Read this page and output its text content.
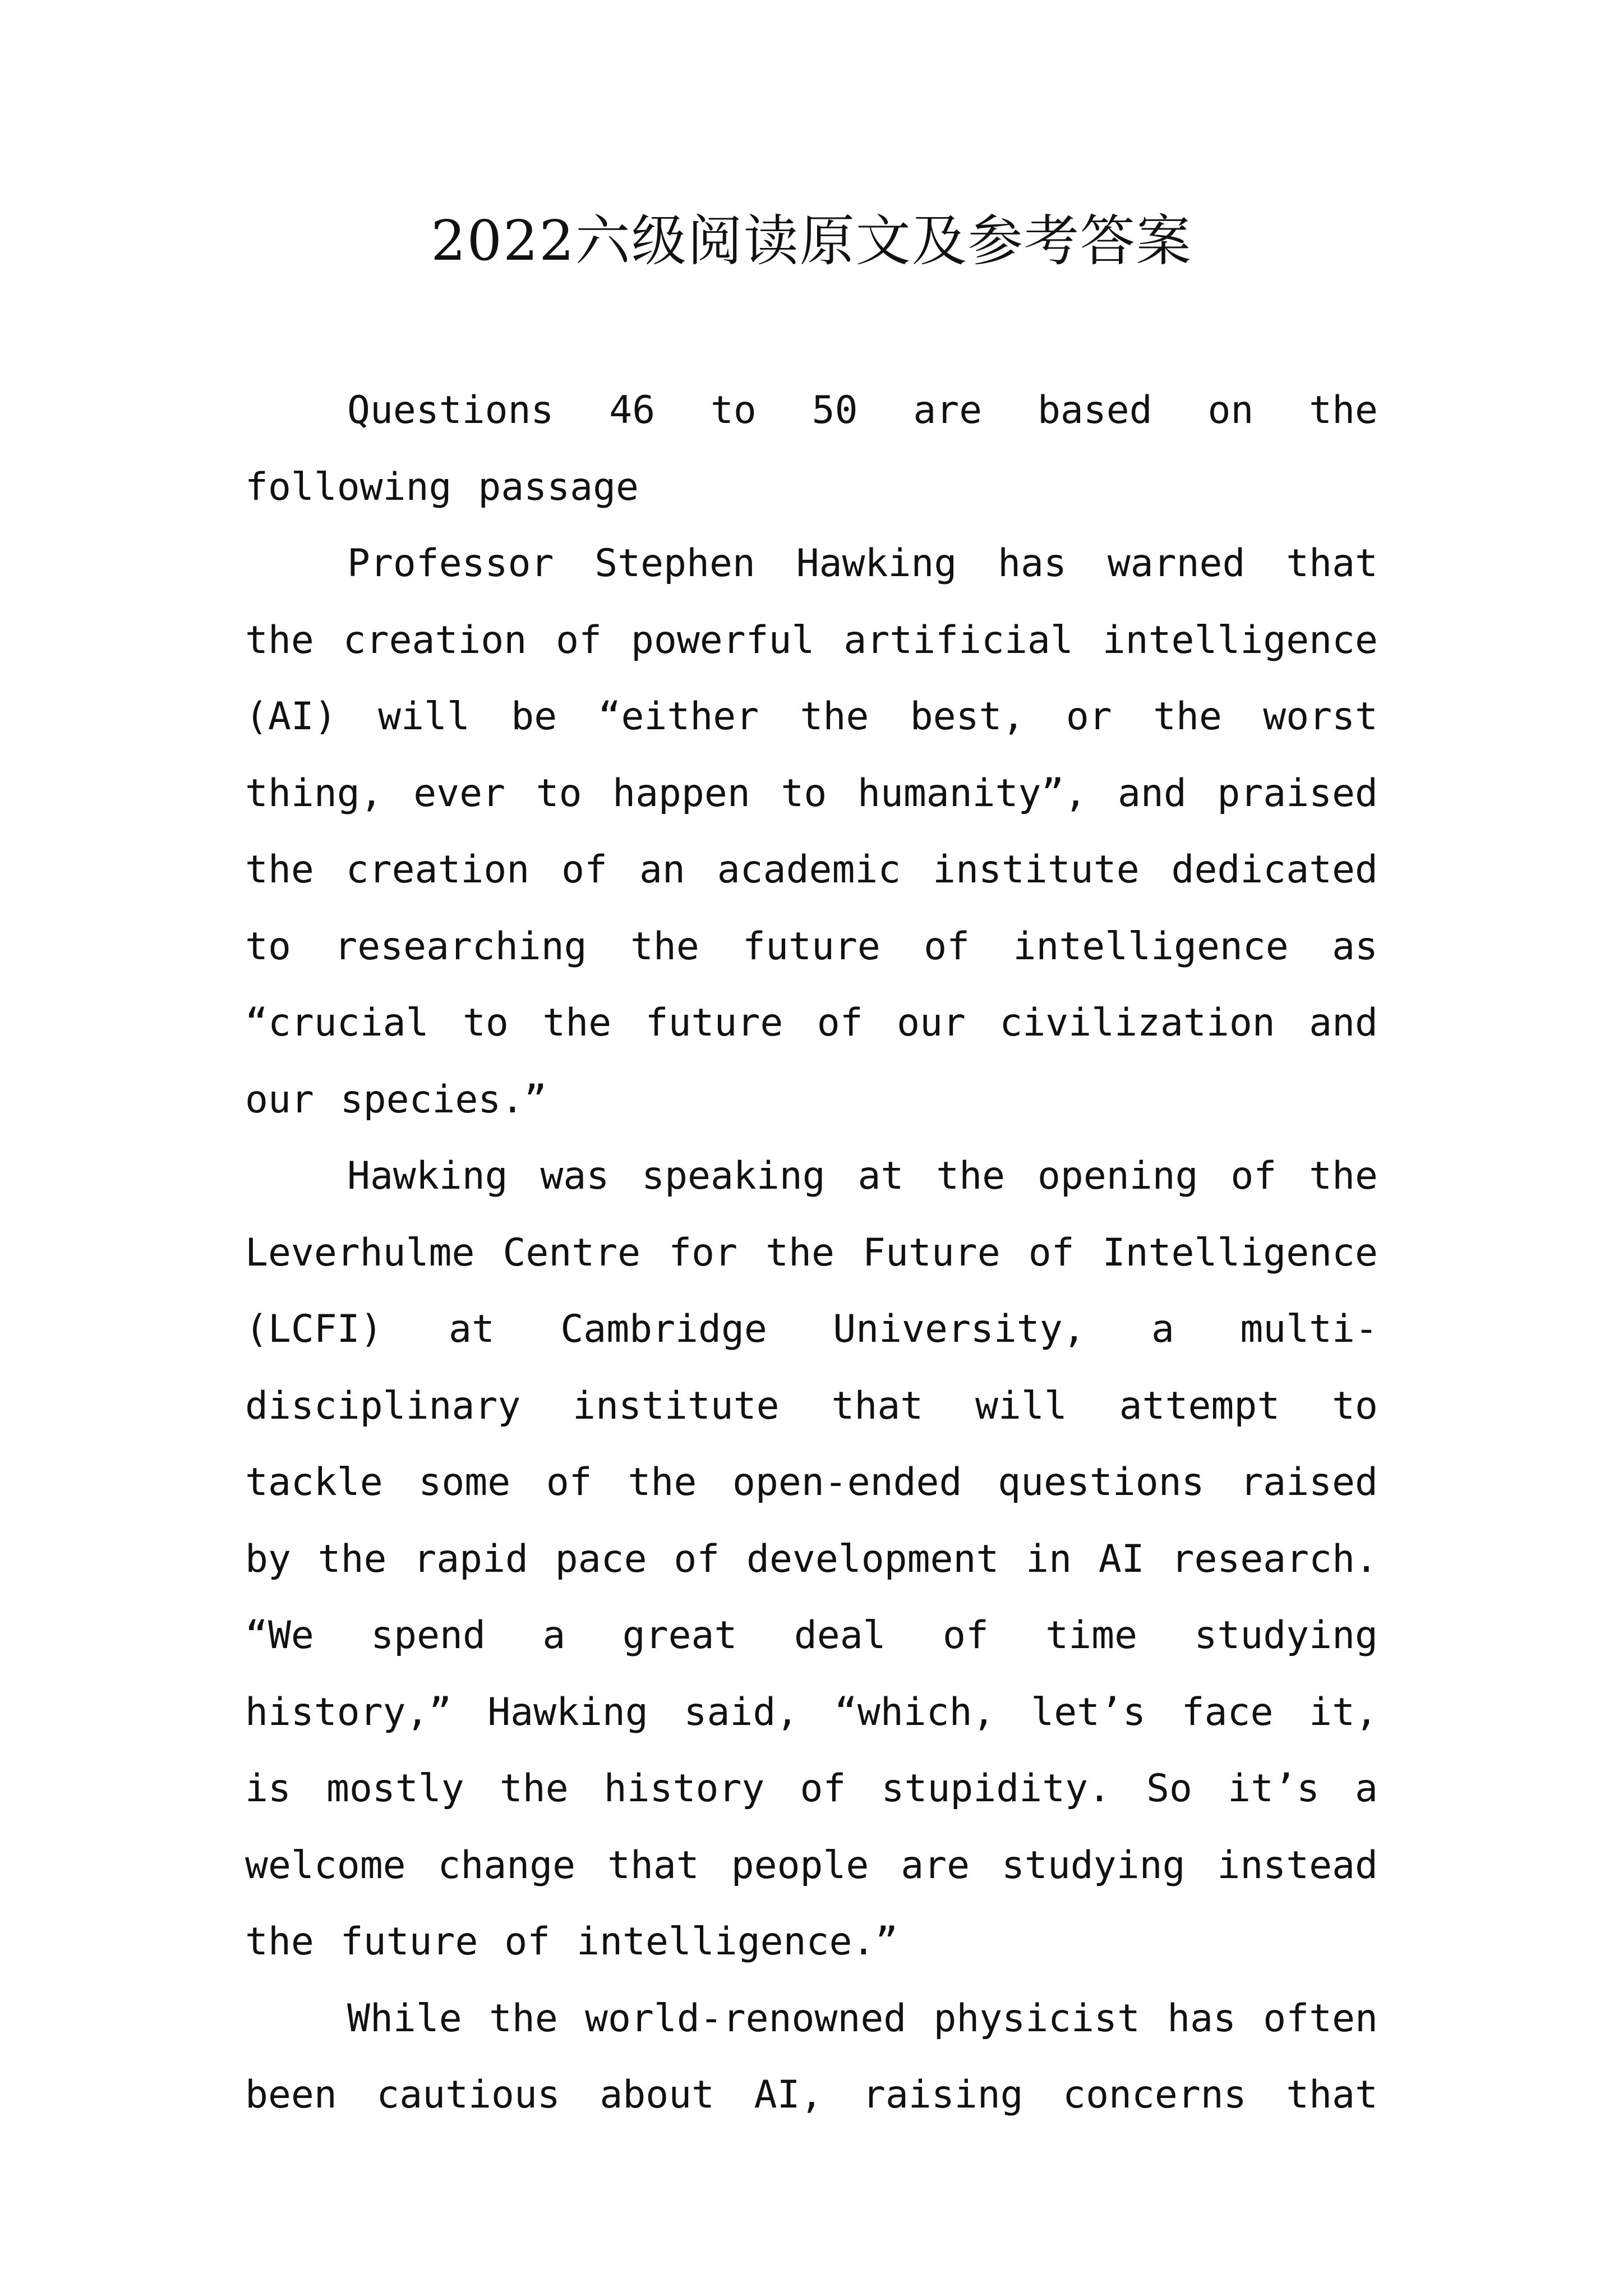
2022六级阅读原文及参考答案

Questions 46 to 50 are based on the following passage

Professor Stephen Hawking has warned that the creation of powerful artificial intelligence (AI) will be “either the best, or the worst thing, ever to happen to humanity”, and praised the creation of an academic institute dedicated to researching the future of intelligence as “crucial to the future of our civilization and our species.”

Hawking was speaking at the opening of the Leverhulme Centre for the Future of Intelligence (LCFI) at Cambridge University, a multi-disciplinary institute that will attempt to tackle some of the open-ended questions raised by the rapid pace of development in AI research. “We spend a great deal of time studying history,” Hawking said, “which, let’s face it, is mostly the history of stupidity. So it’s a welcome change that people are studying instead the future of intelligence.”

While the world-renowned physicist has often been cautious about AI, raising concerns that
